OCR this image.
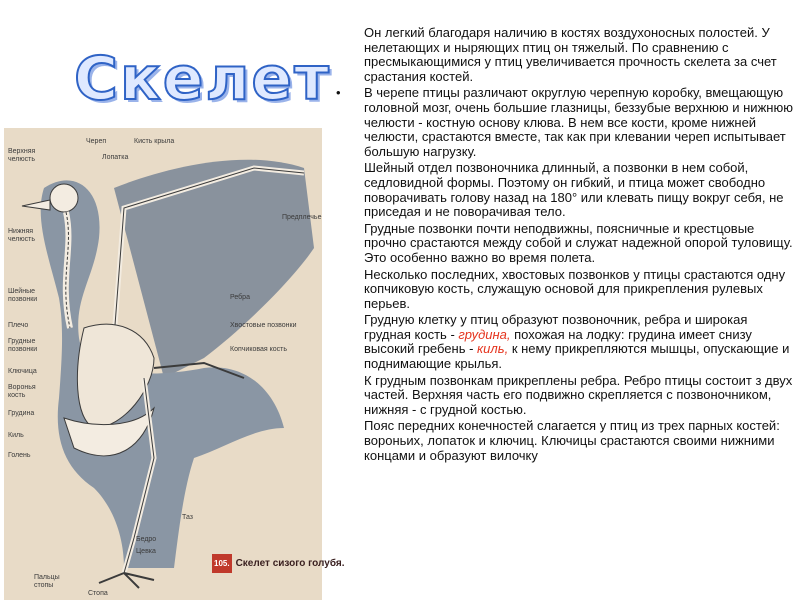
Скелет
Верхняя челюсть
Череп	Кисть крыла
Лопатка
Предплечье
Нижняя челюсть
Шейные позвонки
Плечо
Грудные позвонки
Ключица
Воронья кость
Грудина
Киль
Голень
Ребра
Хвостовые позвонки
Копчиковая кость
Таз
Бедро
Цевка
Пальцы стопы
Стопа
105. Скелет сизого голубя.

Он легкий благодаря наличию в костях воздухоносных полостей. У нелетающих и ныряющих птиц он тяжелый. По сравнению с пресмыкающимися у птиц увеличивается прочность скелета за счет срастания костей.

• В черепе птицы различают округлую черепную коробку, вмещающую головной мозг, очень большие глазницы, беззубые верхнюю и нижнюю челюсти - костную основу клюва. В нем все кости, кроме нижней челюсти, срастаются вместе, так как при клевании череп испытывает большую нагрузку.

Шейный отдел позвоночника длинный, а позвонки в нем собой, седловидной формы. Поэтому он гибкий, и птица может свободно поворачивать голову назад на 180° или клевать пищу вокруг себя, не приседая и не поворачивая тело.

Грудные позвонки почти неподвижны, поясничные и крестцовые прочно срастаются между собой и служат надежной опорой туловищу. Это особенно важно во время полета.

Несколько последних, хвостовых позвонков у птицы срастаются одну копчиковую кость, служащую основой для прикрепления рулевых перьев.

Грудную клетку у птиц образуют позвоночник, ребра и широкая грудная кость - грудина, похожая на лодку: грудина имеет снизу высокий гребень - киль, к нему прикрепляются мышцы, опускающие и поднимающие крылья.

К грудным позвонкам прикреплены ребра. Ребро птицы состоит з двух частей. Верхняя часть его подвижно скрепляется с позвоночником, нижняя - с грудной костью.

Пояс передних конечностей слагается у птиц из трех парных костей: вороньих, лопаток и ключиц. Ключицы срастаются своими нижними концами и образуют вилочку
